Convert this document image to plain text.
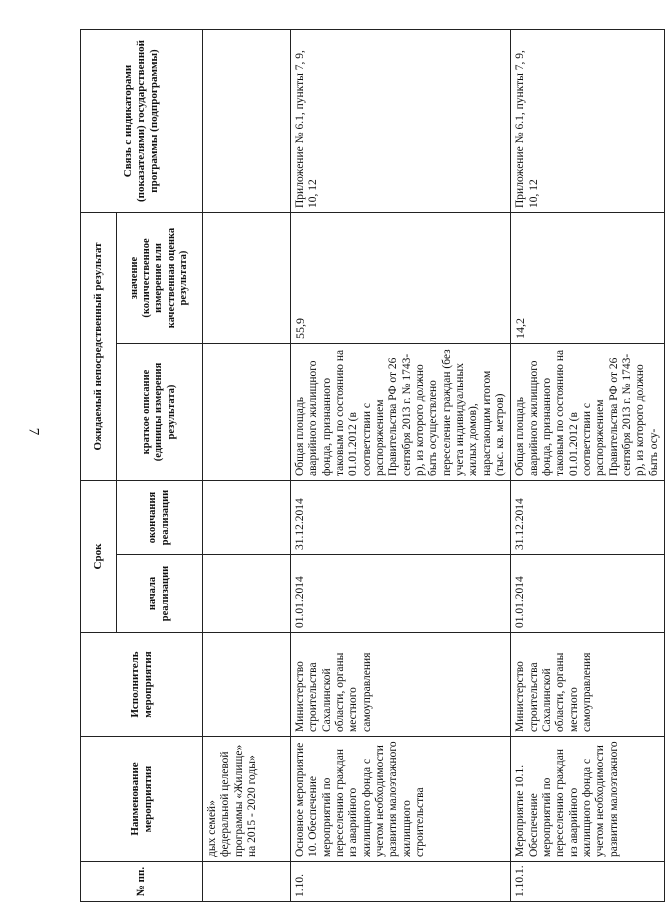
7
№ пп.	Наименование мероприятия	Исполнитель мероприятия	Срок		Ожидаемый непосредственный результат		Связь с индикаторами (показателями) государственной программы (подпрограммы)
			начала реализации	окончания реализации	краткое описание (единицы измерения результата)	значение (количественное измерение или качественная оценка результата)	
	дых семей» федеральной целевой программы «Жилище» на 2015 - 2020 годы»						
1.10.	Основное мероприятие 10. Обеспечение мероприятий по переселению граждан из аварийного жилищного фонда с учетом необходимости развития малоэтажного жилищного строительства	Министерство строительства Сахалинской области, органы местного самоуправления	01.01.2014	31.12.2014	Общая площадь аварийного жилищного фонда, признанного таковым по состоянию на 01.01.2012 (в соответствии с распоряжением Правительства РФ от 26 сентября 2013 г. № 1743-р), из которого должно быть осуществлено переселение граждан (без учета индивидуальных жилых домов), нарастающим итогом (тыс. кв. метров)	55,9	Приложение № 6.1, пункты 7, 9, 10, 12
1.10.1.	Мероприятие 10.1. Обеспечение мероприятий по переселению граждан из аварийного жилищного фонда с учетом необходимости развития малоэтажного	Министерство строительства Сахалинской области, органы местного самоуправления	01.01.2014	31.12.2014	Общая площадь аварийного жилищного фонда, признанного таковым по состоянию на 01.01.2012 (в соответствии с распоряжением Правительства РФ от 26 сентября 2013 г. № 1743-р), из которого должно быть осу-	14,2	Приложение № 6.1, пункты 7, 9, 10, 12
